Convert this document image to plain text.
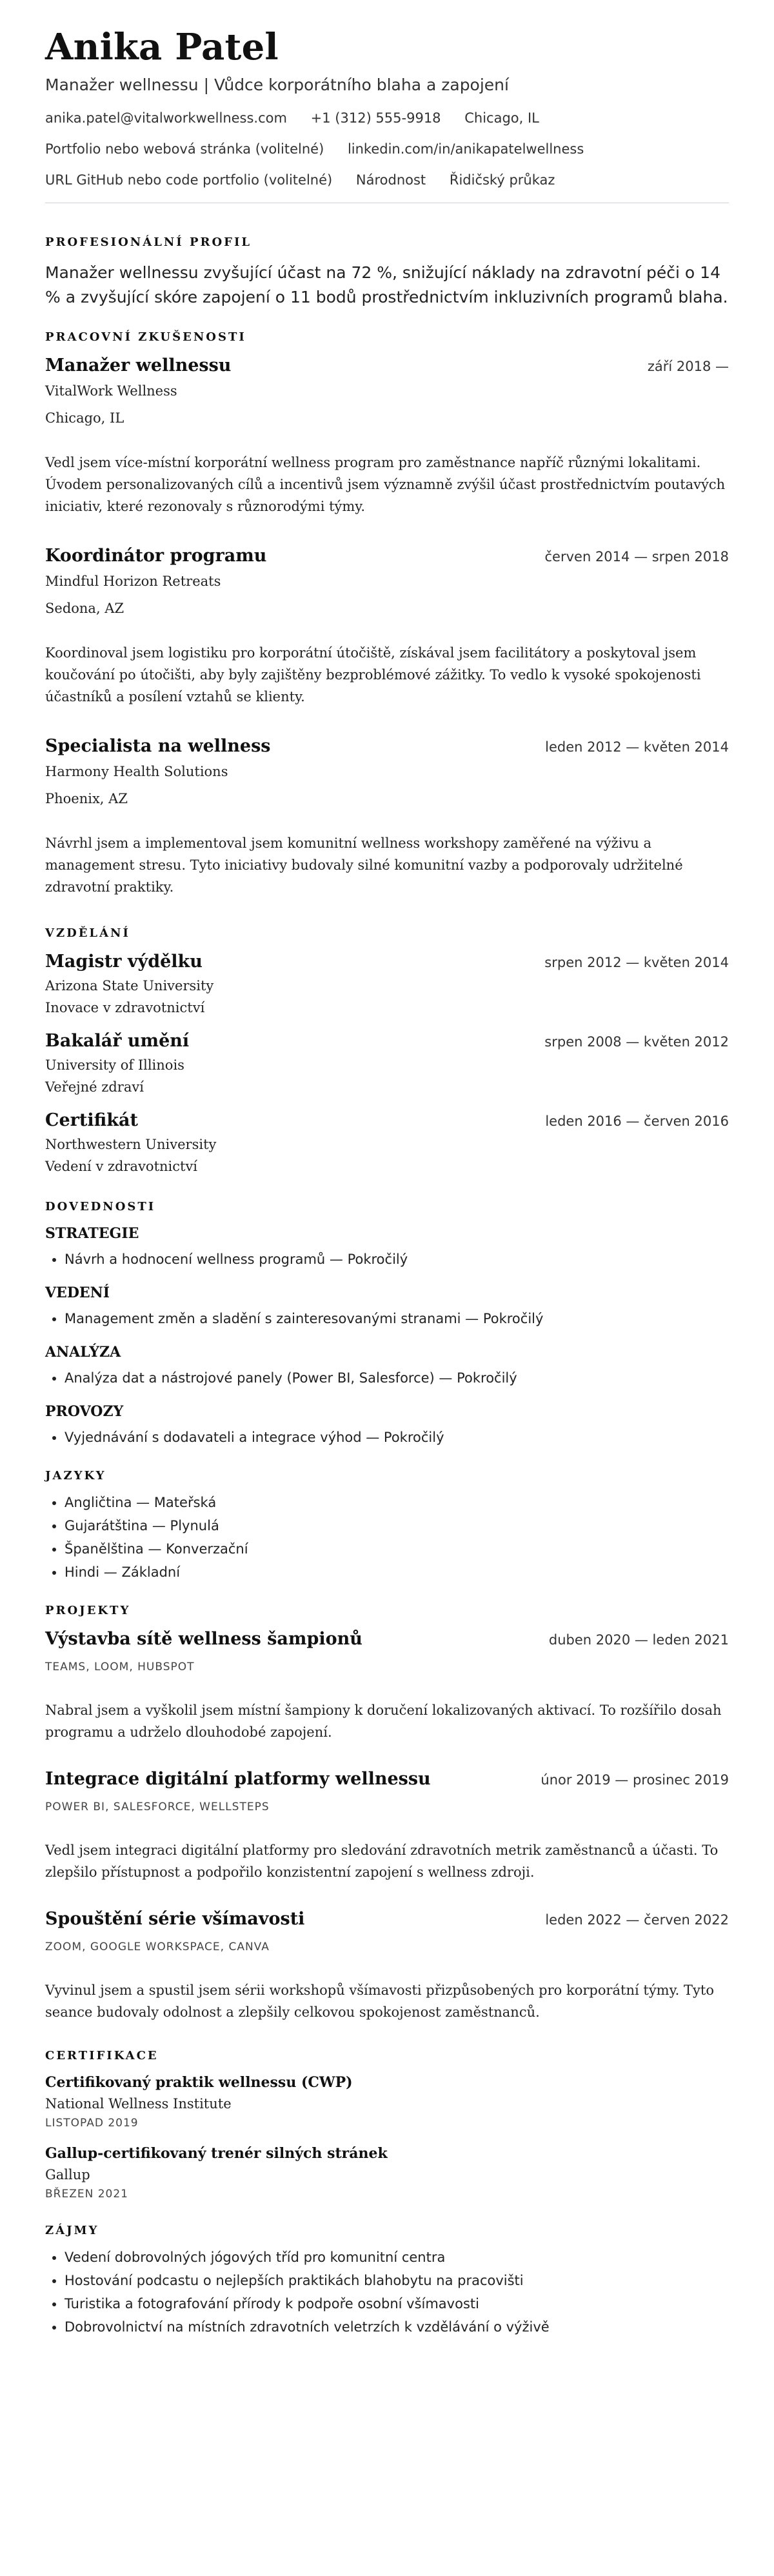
Anika Patel
Manažer wellnessu | Vůdce korporátního blaha a zapojení
anika.patel@vitalworkwellness.com +1 (312) 555-9918 Chicago, IL
Portfolio nebo webová stránka (volitelné) linkedin.com/in/anikapatelwellness
URL GitHub nebo code portfolio (volitelné) Národnost Řidičský průkaz
PROFESIONÁLNÍ PROFIL
Manažer wellnessu zvyšující účast na 72 %, snižující náklady na zdravotní péči o 14 % a zvyšující skóre zapojení o 11 bodů prostřednictvím inkluzivních programů blaha.
PRACOVNÍ ZKUŠENOSTI
Manažer wellnessu	září 2018 —
VitalWork Wellness
Chicago, IL
Vedl jsem více-místní korporátní wellness program pro zaměstnance napříč různými lokalitami. Úvodem personalizovaných cílů a incentivů jsem významně zvýšil účast prostřednictvím poutavých iniciativ, které rezonovaly s různorodými týmy.
Koordinátor programu	červen 2014 — srpen 2018
Mindful Horizon Retreats
Sedona, AZ
Koordinoval jsem logistiku pro korporátní útočiště, získával jsem facilitátory a poskytoval jsem koučování po útočišti, aby byly zajištěny bezproblémové zážitky. To vedlo k vysoké spokojenosti účastníků a posílení vztahů se klienty.
Specialista na wellness	leden 2012 — květen 2014
Harmony Health Solutions
Phoenix, AZ
Návrhl jsem a implementoval jsem komunitní wellness workshopy zaměřené na výživu a management stresu. Tyto iniciativy budovaly silné komunitní vazby a podporovaly udržitelné zdravotní praktiky.
VZDĚLÁNÍ
Magistr výdělku	srpen 2012 — květen 2014
Arizona State University
Inovace v zdravotnictví
Bakalář umění	srpen 2008 — květen 2012
University of Illinois
Veřejné zdraví
Certifikát	leden 2016 — červen 2016
Northwestern University
Vedení v zdravotnictví
DOVEDNOSTI
STRATEGIE
• Návrh a hodnocení wellness programů — Pokročilý
VEDENÍ
• Management změn a sladění s zainteresovanými stranami — Pokročilý
ANALÝZA
• Analýza dat a nástrojové panely (Power BI, Salesforce) — Pokročilý
PROVOZY
• Vyjednávání s dodavateli a integrace výhod — Pokročilý
JAZYKY
• Angličtina — Mateřská
• Gujarátština — Plynulá
• Španělština — Konverzační
• Hindi — Základní
PROJEKTY
Výstavba sítě wellness šampionů	duben 2020 — leden 2021
TEAMS, LOOM, HUBSPOT
Nabral jsem a vyškolil jsem místní šampiony k doručení lokalizovaných aktivací. To rozšířilo dosah programu a udrželo dlouhodobé zapojení.
Integrace digitální platformy wellnessu	únor 2019 — prosinec 2019
POWER BI, SALESFORCE, WELLSTEPS
Vedl jsem integraci digitální platformy pro sledování zdravotních metrik zaměstnanců a účasti. To zlepšilo přístupnost a podpořilo konzistentní zapojení s wellness zdroji.
Spouštění série všímavosti	leden 2022 — červen 2022
ZOOM, GOOGLE WORKSPACE, CANVA
Vyvinul jsem a spustil jsem sérii workshopů všímavosti přizpůsobených pro korporátní týmy. Tyto seance budovaly odolnost a zlepšily celkovou spokojenost zaměstnanců.
CERTIFIKACE
Certifikovaný praktik wellnessu (CWP)
National Wellness Institute
LISTOPAD 2019
Gallup-certifikovaný trenér silných stránek
Gallup
BŘEZEN 2021
ZÁJMY
• Vedení dobrovolných jógových tříd pro komunitní centra
• Hostování podcastu o nejlepších praktikách blahobytu na pracovišti
• Turistika a fotografování přírody k podpoře osobní všímavosti
• Dobrovolnictví na místních zdravotních veletrzích k vzdělávání o výživě
